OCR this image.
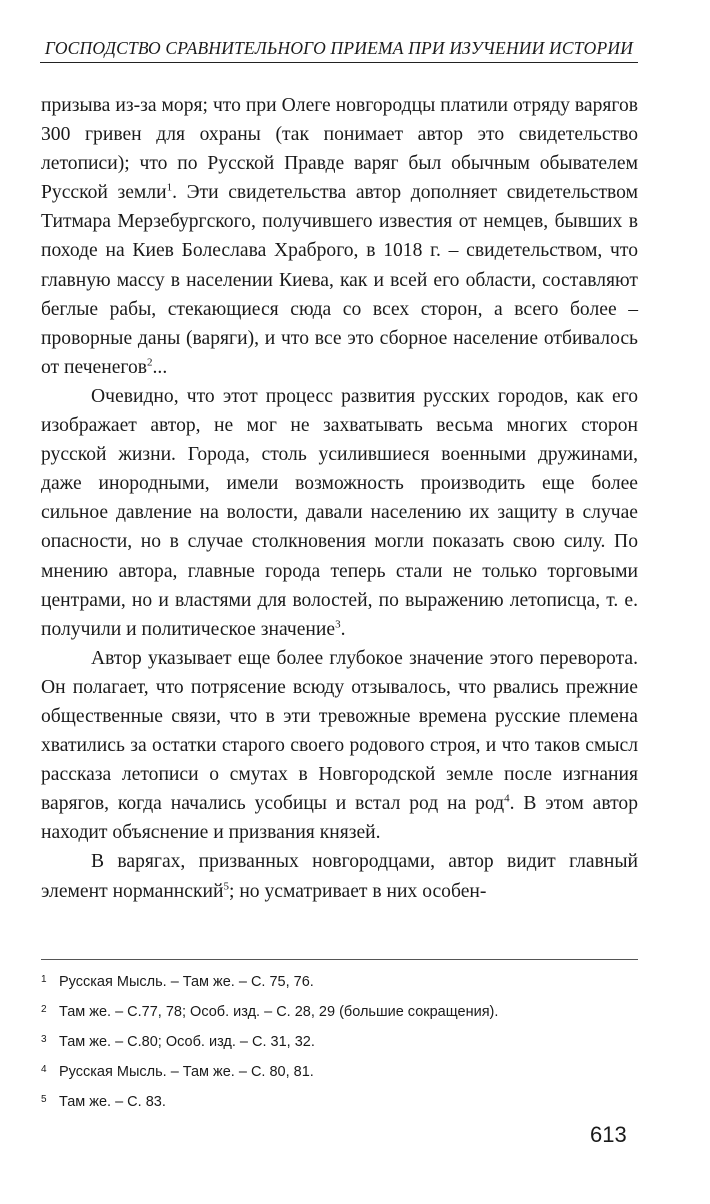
ГОСПОДСТВО СРАВНИТЕЛЬНОГО ПРИЕМА ПРИ ИЗУЧЕНИИ ИСТОРИИ

призыва из-за моря; что при Олеге новгородцы платили отряду варягов 300 гривен для охраны (так понимает автор это свидетельство летописи); что по Русской Правде варяг был обычным обывателем Русской земли$^1$. Эти свидетельства автор дополняет свидетельством Титмара Мерзебургского, получившего известия от немцев, бывших в походе на Киев Болеслава Храброго, в 1018 г. – свидетельством, что главную массу в населении Киева, как и всей его области, составляют беглые рабы, стекающиеся сюда со всех сторон, а всего более – проворные даны (варяги), и что все это сборное население отбивалось от печенегов$^2$...

Очевидно, что этот процесс развития русских городов, как его изображает автор, не мог не захватывать весьма многих сторон русской жизни. Города, столь усилившиеся военными дружинами, даже инородными, имели возможность производить еще более сильное давление на волости, давали населению их защиту в случае опасности, но в случае столкновения могли показать свою силу. По мнению автора, главные города теперь стали не только торговыми центрами, но и властями для волостей, по выражению летописца, т. е. получили и политическое значение$^3$.

Автор указывает еще более глубокое значение этого переворота. Он полагает, что потрясение всюду отзывалось, что рвались прежние общественные связи, что в эти тревожные времена русские племена хватились за остатки старого своего родового строя, и что таков смысл рассказа летописи о смутах в Новгородской земле после изгнания варягов, когда начались усобицы и встал род на род$^4$. В этом автор находит объяснение и призвания князей.

В варягах, призванных новгородцами, автор видит главный элемент норманнский$^5$; но усматривает в них особен-

1 Русская Мысль. – Там же. – С. 75, 76.
2 Там же. – С.77, 78; Особ. изд. – С. 28, 29 (большие сокращения).
3 Там же. – С.80; Особ. изд. – С. 31, 32.
4 Русская Мысль. – Там же. – С. 80, 81.
5 Там же. – С. 83.
613
